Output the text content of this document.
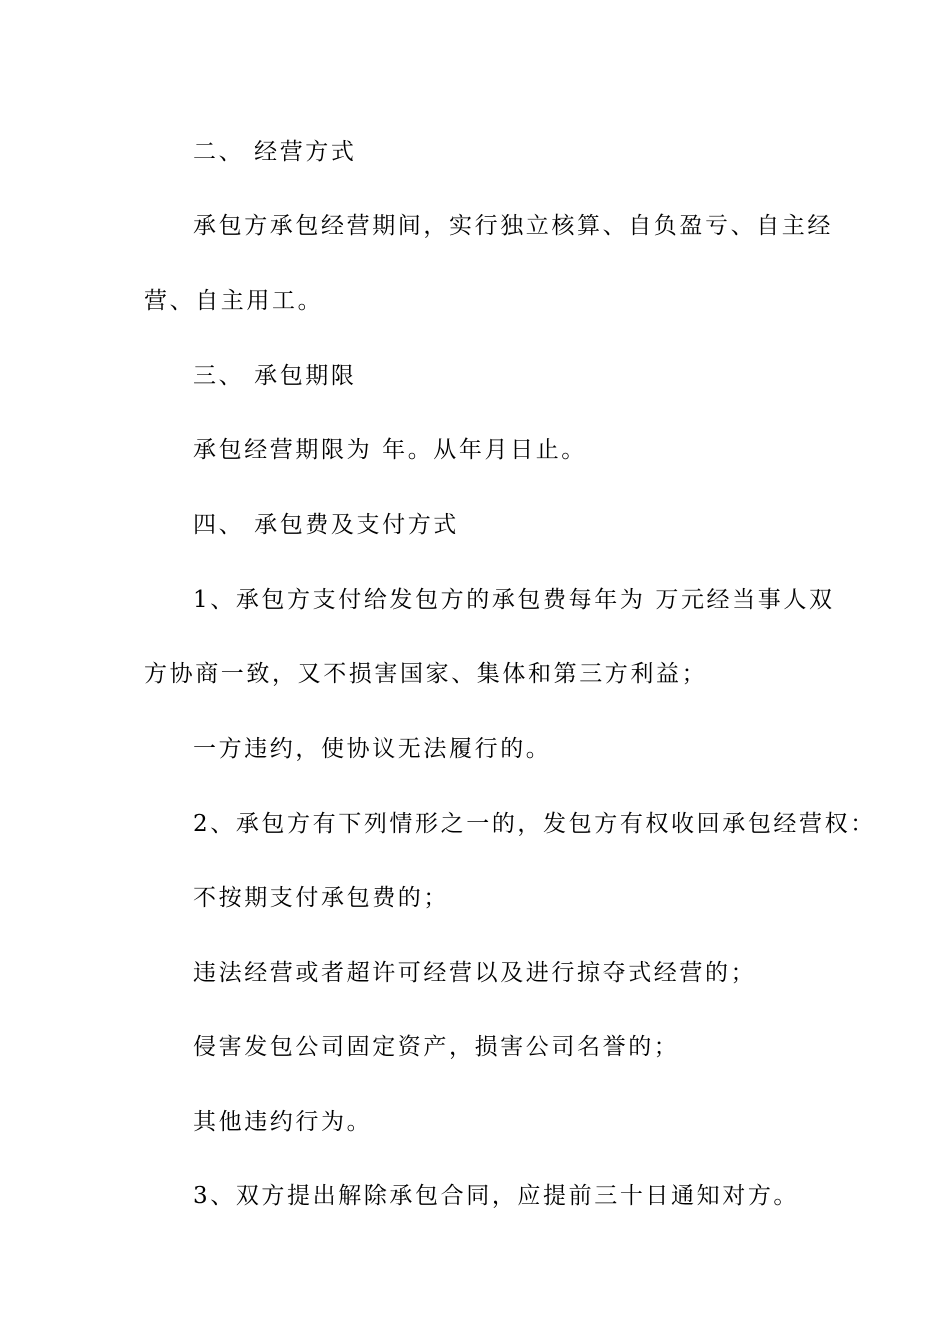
二、 经营方式
承包方承包经营期间，实行独立核算、自负盈亏、自主经
营、自主用工。
三、 承包期限
承包经营期限为 年。从年月日止。
四、 承包费及支付方式
1、承包方支付给发包方的承包费每年为 万元经当事人双
方协商一致，又不损害国家、集体和第三方利益；
一方违约，使协议无法履行的。
2、承包方有下列情形之一的，发包方有权收回承包经营权：
不按期支付承包费的；
违法经营或者超许可经营以及进行掠夺式经营的；
侵害发包公司固定资产，损害公司名誉的；
其他违约行为。
3、双方提出解除承包合同，应提前三十日通知对方。
